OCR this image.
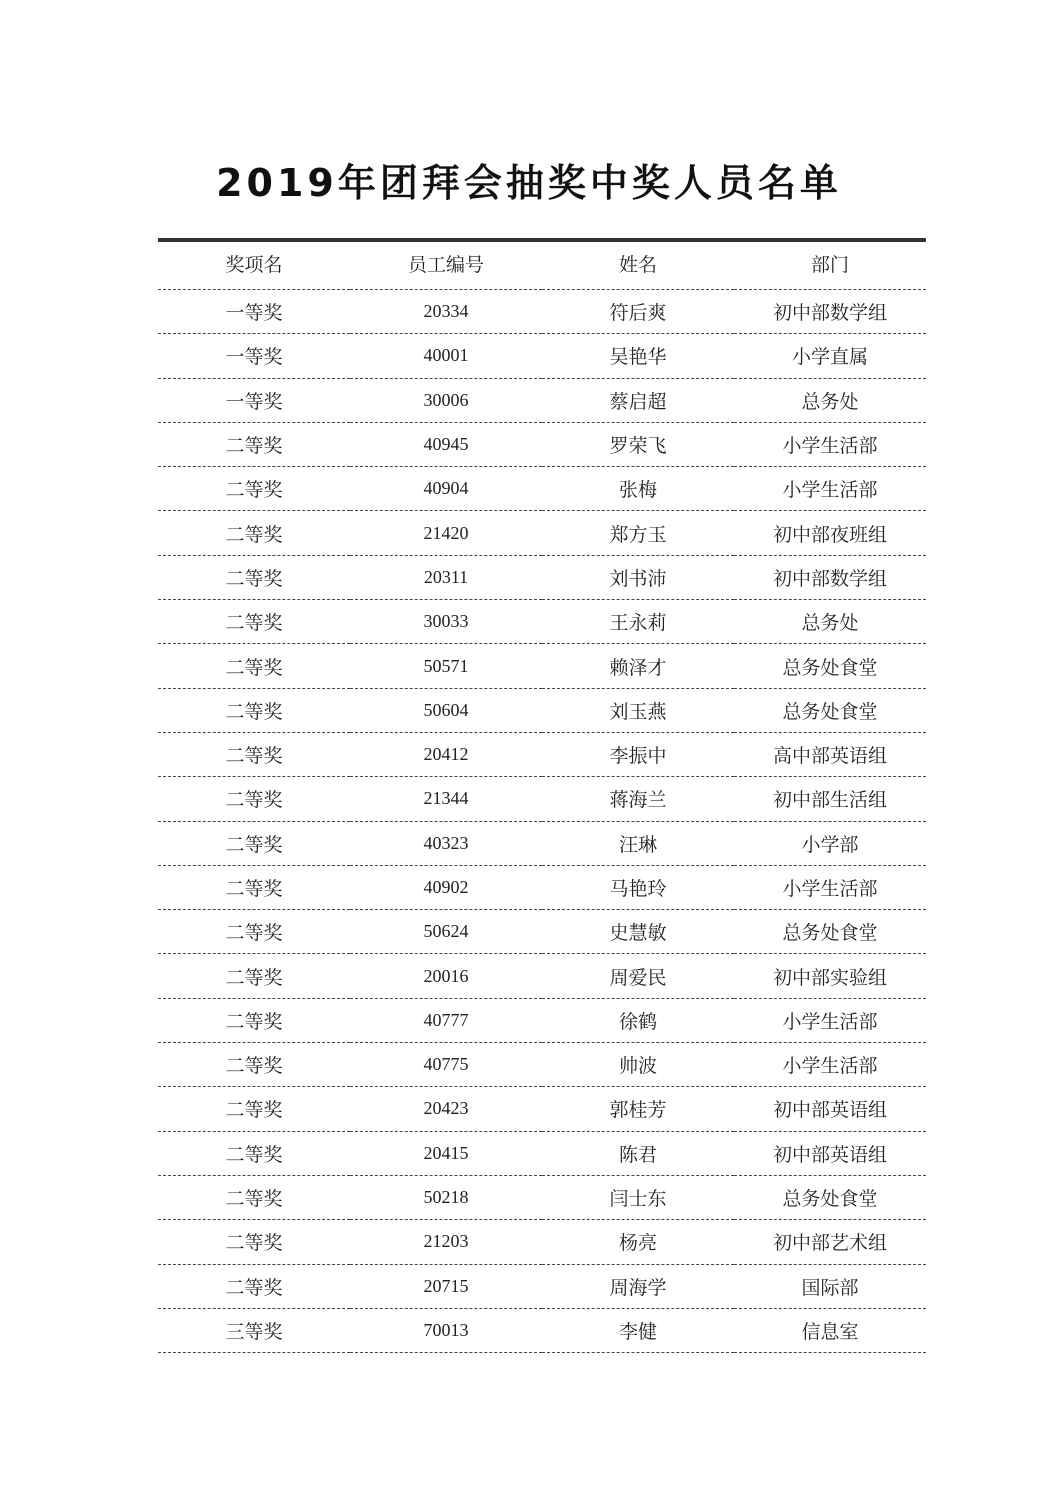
2019年团拜会抽奖中奖人员名单
奖项名	员工编号	姓名	部门
一等奖	20334	符后爽	初中部数学组
一等奖	40001	吴艳华	小学直属
一等奖	30006	蔡启超	总务处
二等奖	40945	罗荣飞	小学生活部
二等奖	40904	张梅	小学生活部
二等奖	21420	郑方玉	初中部夜班组
二等奖	20311	刘书沛	初中部数学组
二等奖	30033	王永莉	总务处
二等奖	50571	赖泽才	总务处食堂
二等奖	50604	刘玉燕	总务处食堂
二等奖	20412	李振中	高中部英语组
二等奖	21344	蒋海兰	初中部生活组
二等奖	40323	汪琳	小学部
二等奖	40902	马艳玲	小学生活部
二等奖	50624	史慧敏	总务处食堂
二等奖	20016	周爱民	初中部实验组
二等奖	40777	徐鹤	小学生活部
二等奖	40775	帅波	小学生活部
二等奖	20423	郭桂芳	初中部英语组
二等奖	20415	陈君	初中部英语组
二等奖	50218	闫士东	总务处食堂
二等奖	21203	杨亮	初中部艺术组
二等奖	20715	周海学	国际部
三等奖	70013	李健	信息室
